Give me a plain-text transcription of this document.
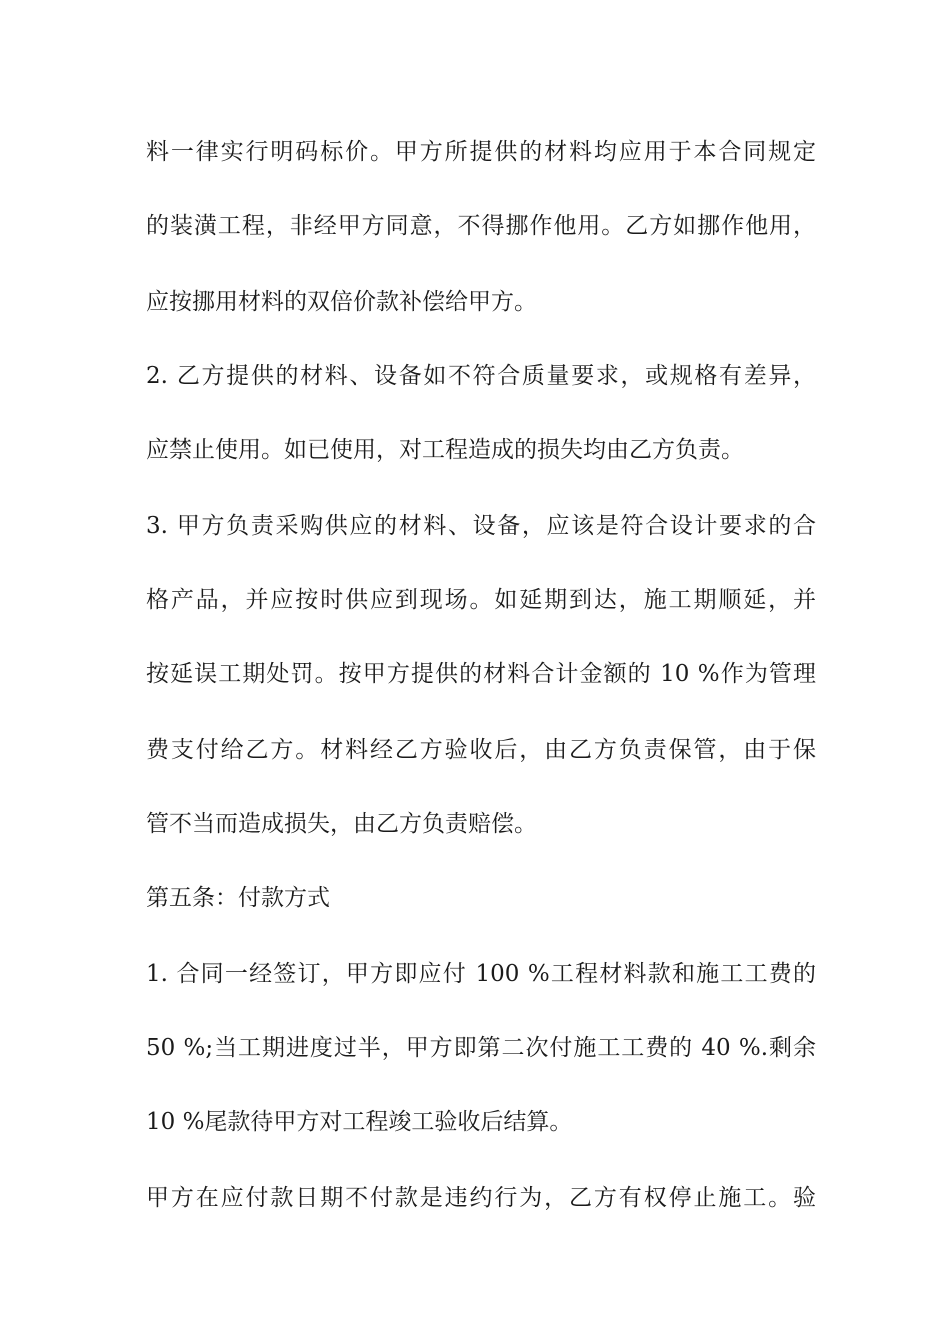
料一律实行明码标价。甲方所提供的材料均应用于本合同规定
的装潢工程，非经甲方同意，不得挪作他用。乙方如挪作他用，
应按挪用材料的双倍价款补偿给甲方。
2. 乙方提供的材料、设备如不符合质量要求，或规格有差异，
应禁止使用。如已使用，对工程造成的损失均由乙方负责。
3. 甲方负责采购供应的材料、设备，应该是符合设计要求的合
格产品，并应按时供应到现场。如延期到达，施工期顺延，并
按延误工期处罚。按甲方提供的材料合计金额的 10 %作为管理
费支付给乙方。材料经乙方验收后，由乙方负责保管，由于保
管不当而造成损失，由乙方负责赔偿。
第五条：付款方式
1. 合同一经签订，甲方即应付 100 %工程材料款和施工工费的
50 %;当工期进度过半，甲方即第二次付施工工费的 40 %.剩余
10 %尾款待甲方对工程竣工验收后结算。
甲方在应付款日期不付款是违约行为，乙方有权停止施工。验
